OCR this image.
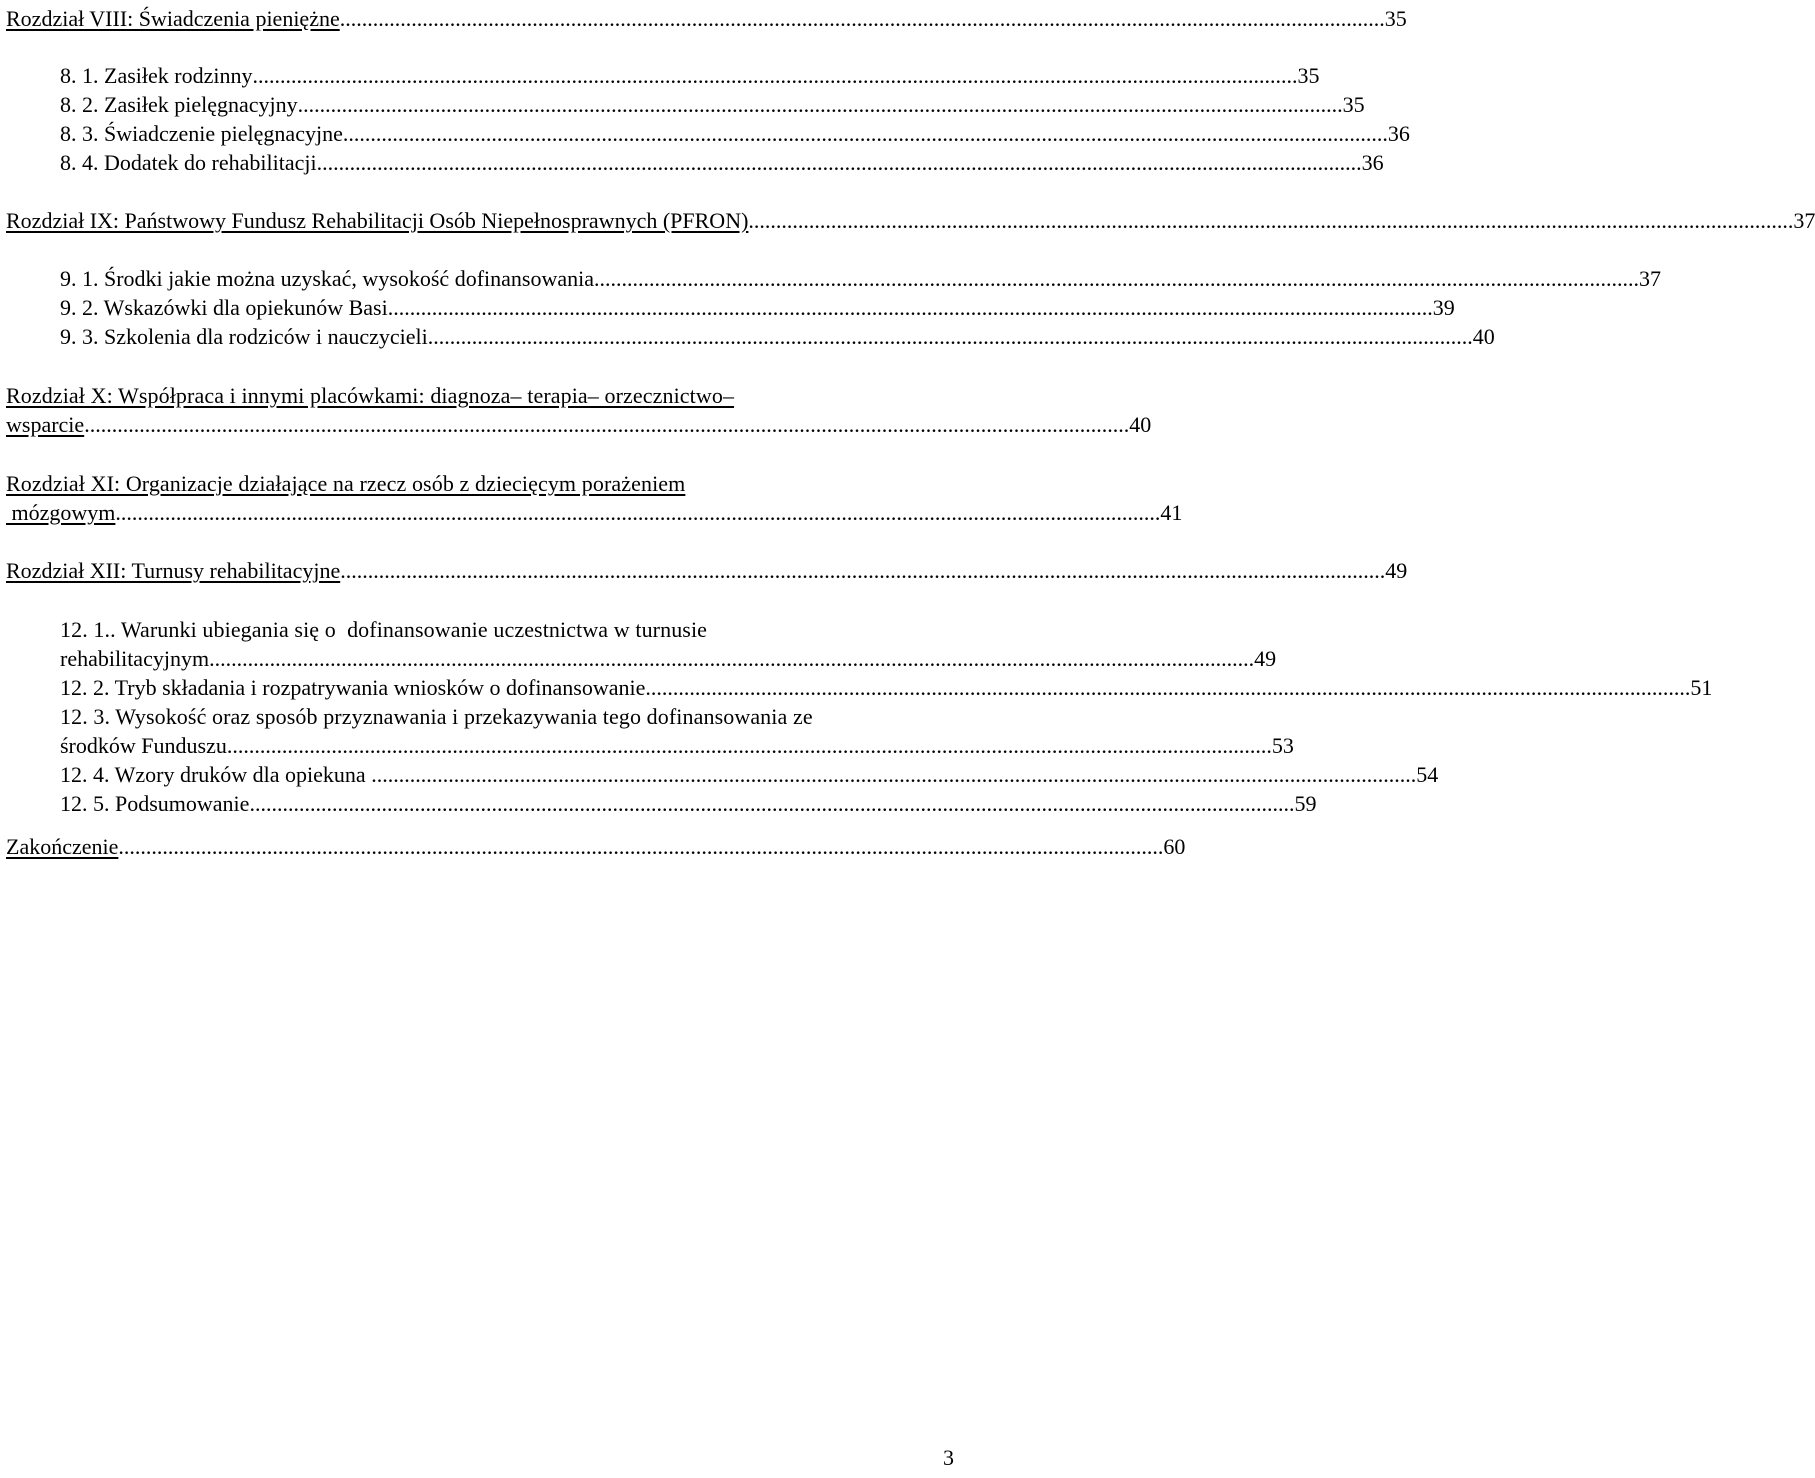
Rozdział VIII: Świadczenia pieniężne .............................................................................................................................................................................................. 35
8. 1. Zasiłek rodzinny .............................................................................................................................................................................................. 35
8. 2. Zasiłek pielęgnacyjny .............................................................................................................................................................................................. 35
8. 3. Świadczenie pielęgnacyjne .............................................................................................................................................................................................. 36
8. 4. Dodatek do rehabilitacji .............................................................................................................................................................................................. 36
Rozdział IX: Państwowy Fundusz Rehabilitacji Osób Niepełnosprawnych (PFRON) .............................................................................................................................................................................................. 37
9. 1. Środki jakie można uzyskać, wysokość dofinansowania .............................................................................................................................................................................................. 37
9. 2. Wskazówki dla opiekunów Basi .............................................................................................................................................................................................. 39
9. 3. Szkolenia dla rodziców i nauczycieli .............................................................................................................................................................................................. 40
Rozdział X: Współpraca i innymi placówkami: diagnoza– terapia– orzecznictwo–
wsparcie .............................................................................................................................................................................................. 40
Rozdział XI: Organizacje działające na rzecz osób z dziecięcym porażeniem
mózgowym .............................................................................................................................................................................................. 41
Rozdział XII: Turnusy rehabilitacyjne .............................................................................................................................................................................................. 49
12. 1.. Warunki ubiegania się o  dofinansowanie uczestnictwa w turnusie
rehabilitacyjnym .............................................................................................................................................................................................. 49
12. 2. Tryb składania i rozpatrywania wniosków o dofinansowanie .............................................................................................................................................................................................. 51
12. 3. Wysokość oraz sposób przyznawania i przekazywania tego dofinansowania ze
środków Funduszu .............................................................................................................................................................................................. 53
12. 4. Wzory druków dla opiekuna .............................................................................................................................................................................................. 54
12. 5. Podsumowanie .............................................................................................................................................................................................. 59
Zakończenie .............................................................................................................................................................................................. 60
3
